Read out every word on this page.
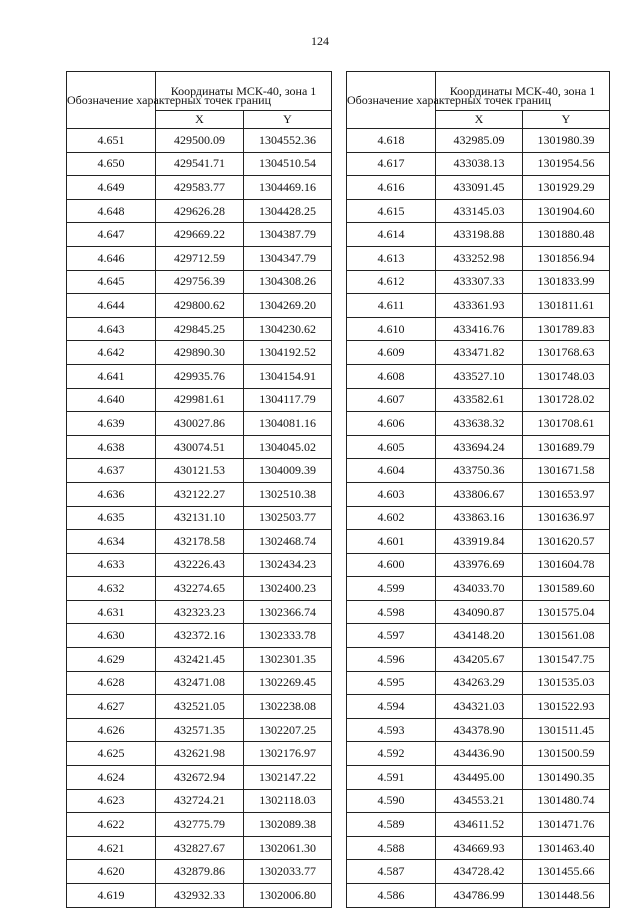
124
Обозначение характерных точек границ	Координаты МСК-40, зона 1	
	X	Y
4.651	429500.09	1304552.36
4.650	429541.71	1304510.54
4.649	429583.77	1304469.16
4.648	429626.28	1304428.25
4.647	429669.22	1304387.79
4.646	429712.59	1304347.79
4.645	429756.39	1304308.26
4.644	429800.62	1304269.20
4.643	429845.25	1304230.62
4.642	429890.30	1304192.52
4.641	429935.76	1304154.91
4.640	429981.61	1304117.79
4.639	430027.86	1304081.16
4.638	430074.51	1304045.02
4.637	430121.53	1304009.39
4.636	432122.27	1302510.38
4.635	432131.10	1302503.77
4.634	432178.58	1302468.74
4.633	432226.43	1302434.23
4.632	432274.65	1302400.23
4.631	432323.23	1302366.74
4.630	432372.16	1302333.78
4.629	432421.45	1302301.35
4.628	432471.08	1302269.45
4.627	432521.05	1302238.08
4.626	432571.35	1302207.25
4.625	432621.98	1302176.97
4.624	432672.94	1302147.22
4.623	432724.21	1302118.03
4.622	432775.79	1302089.38
4.621	432827.67	1302061.30
4.620	432879.86	1302033.77
4.619	432932.33	1302006.80
Обозначение характерных точек границ	Координаты МСК-40, зона 1	
	X	Y
4.618	432985.09	1301980.39
4.617	433038.13	1301954.56
4.616	433091.45	1301929.29
4.615	433145.03	1301904.60
4.614	433198.88	1301880.48
4.613	433252.98	1301856.94
4.612	433307.33	1301833.99
4.611	433361.93	1301811.61
4.610	433416.76	1301789.83
4.609	433471.82	1301768.63
4.608	433527.10	1301748.03
4.607	433582.61	1301728.02
4.606	433638.32	1301708.61
4.605	433694.24	1301689.79
4.604	433750.36	1301671.58
4.603	433806.67	1301653.97
4.602	433863.16	1301636.97
4.601	433919.84	1301620.57
4.600	433976.69	1301604.78
4.599	434033.70	1301589.60
4.598	434090.87	1301575.04
4.597	434148.20	1301561.08
4.596	434205.67	1301547.75
4.595	434263.29	1301535.03
4.594	434321.03	1301522.93
4.593	434378.90	1301511.45
4.592	434436.90	1301500.59
4.591	434495.00	1301490.35
4.590	434553.21	1301480.74
4.589	434611.52	1301471.76
4.588	434669.93	1301463.40
4.587	434728.42	1301455.66
4.586	434786.99	1301448.56
